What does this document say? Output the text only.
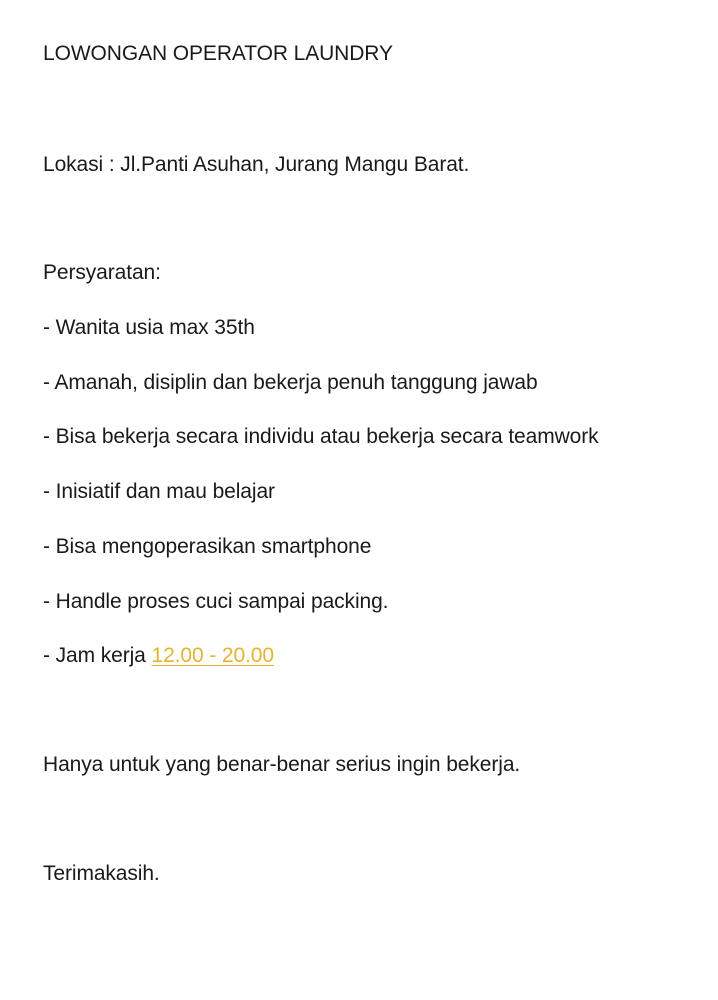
LOWONGAN OPERATOR LAUNDRY
Lokasi : Jl.Panti Asuhan, Jurang Mangu Barat.
Persyaratan:
- Wanita usia max 35th
- Amanah, disiplin dan bekerja penuh tanggung jawab
- Bisa bekerja secara individu atau bekerja secara teamwork
- Inisiatif dan mau belajar
- Bisa mengoperasikan smartphone
- Handle proses cuci sampai packing.
- Jam kerja 12.00 - 20.00
Hanya untuk yang benar-benar serius ingin bekerja.
Terimakasih.
